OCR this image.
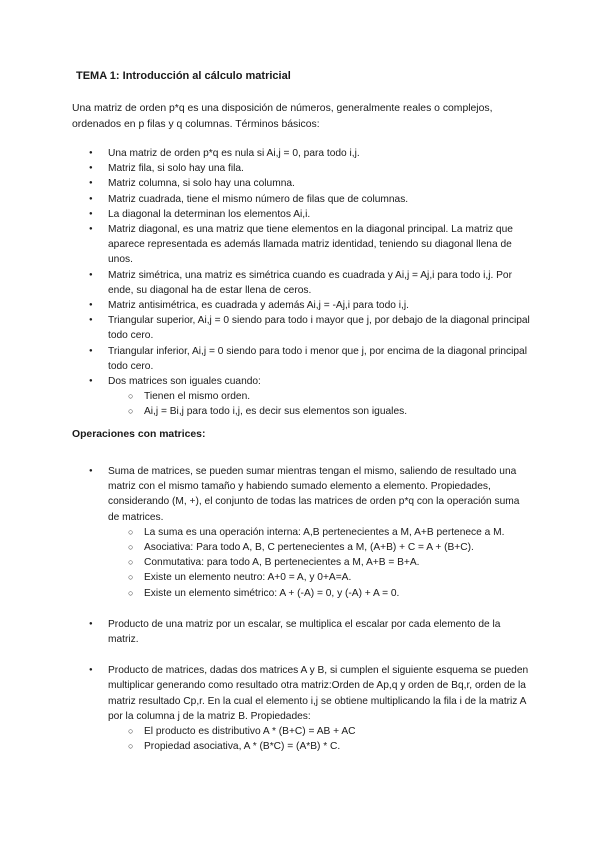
TEMA 1: Introducción al cálculo matricial

Una matriz de orden p*q es una disposición de números, generalmente reales o complejos, ordenados en p filas y q columnas. Términos básicos:

● Una matriz de orden p*q es nula si Ai,j = 0, para todo i,j.
● Matriz fila, si solo hay una fila.
● Matriz columna, si solo hay una columna.
● Matriz cuadrada, tiene el mismo número de filas que de columnas.
● La diagonal la determinan los elementos Ai,i.
● Matriz diagonal, es una matriz que tiene elementos en la diagonal principal. La matriz que aparece representada es además llamada matriz identidad, teniendo su diagonal llena de unos.
● Matriz simétrica, una matriz es simétrica cuando es cuadrada y Ai,j = Aj,i para todo i,j. Por ende, su diagonal ha de estar llena de ceros.
● Matriz antisimétrica, es cuadrada y además Ai,j = -Aj,i para todo i,j.
● Triangular superior, Ai,j = 0 siendo para todo i mayor que j, por debajo de la diagonal principal todo cero.
● Triangular inferior, Ai,j = 0 siendo para todo i menor que j, por encima de la diagonal principal todo cero.
● Dos matrices son iguales cuando:
○ Tienen el mismo orden.
○ Ai,j = Bi,j para todo i,j, es decir sus elementos son iguales.
Operaciones con matrices:
● Suma de matrices, se pueden sumar mientras tengan el mismo, saliendo de resultado una matriz con el mismo tamaño y habiendo sumado elemento a elemento. Propiedades, considerando (M, +), el conjunto de todas las matrices de orden p*q con la operación suma de matrices.
○ La suma es una operación interna: A,B pertenecientes a M, A+B pertenece a M.
○ Asociativa: Para todo A, B, C pertenecientes a M, (A+B) + C = A + (B+C).
○ Conmutativa: para todo A, B pertenecientes a M, A+B = B+A.
○ Existe un elemento neutro: A+0 = A, y 0+A=A.
○ Existe un elemento simétrico: A + (-A) = 0, y (-A) + A = 0.
● Producto de una matriz por un escalar, se multiplica el escalar por cada elemento de la matriz.
● Producto de matrices, dadas dos matrices A y B, si cumplen el siguiente esquema se pueden multiplicar generando como resultado otra matriz:Orden de Ap,q y orden de Bq,r, orden de la matriz resultado Cp,r. En la cual el elemento i,j se obtiene multiplicando la fila i de la matriz A por la columna j de la matriz B. Propiedades:
○ El producto es distributivo A * (B+C) = AB + AC
○ Propiedad asociativa, A * (B*C) = (A*B) * C.
